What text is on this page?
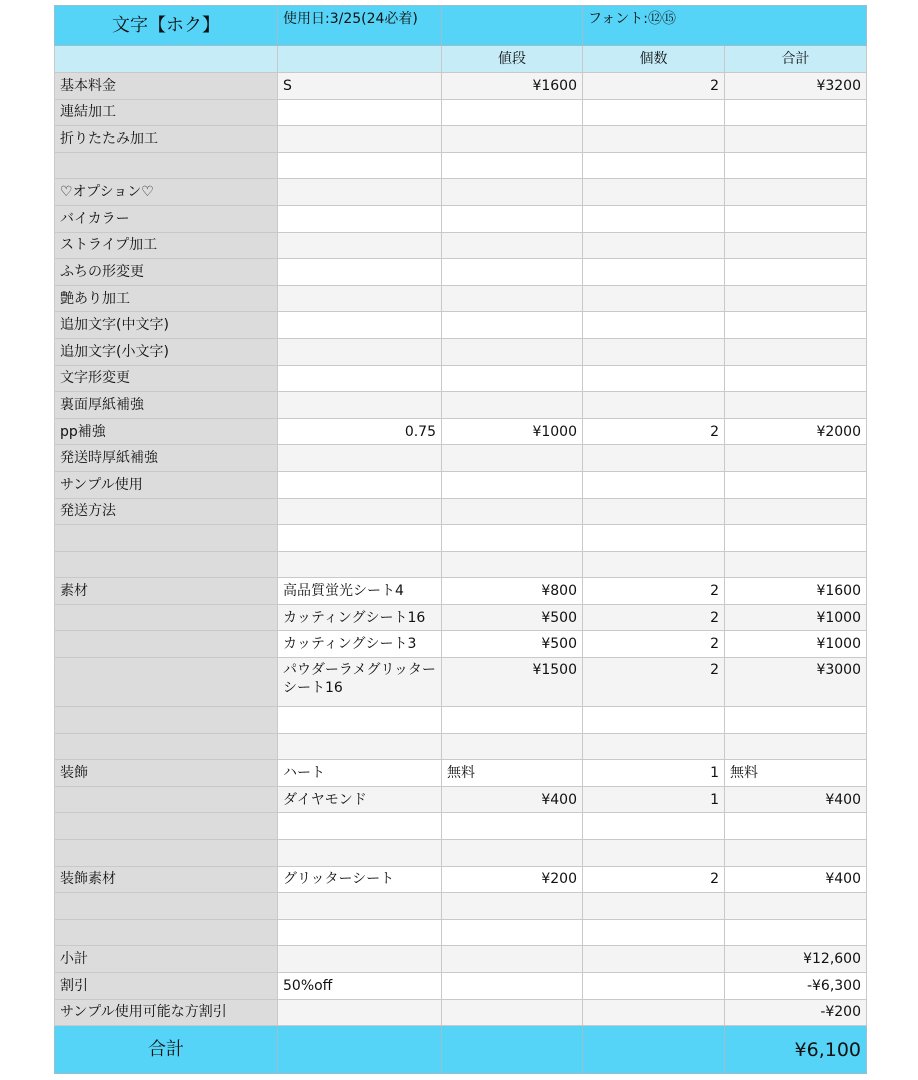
文字【ホク】	使用日:3/25(24必着)		フォント:⑫⑮	
		値段	個数	合計
基本料金	S	¥1600	2	¥3200
連結加工				
折りたたみ加工				

♡オプション♡				
バイカラー				
ストライプ加工				
ふちの形変更				
艶あり加工				
追加文字(中文字)				
追加文字(小文字)				
文字形変更				
裏面厚紙補強				
pp補強	0.75	¥1000	2	¥2000
発送時厚紙補強				
サンプル使用				
発送方法				

素材	高品質蛍光シート4	¥800	2	¥1600
	カッティングシート16	¥500	2	¥1000
	カッティングシート3	¥500	2	¥1000
	パウダーラメグリッターシート16	¥1500	2	¥3000

装飾	ハート	無料	1	無料
	ダイヤモンド	¥400	1	¥400

装飾素材	グリッターシート	¥200	2	¥400

小計				¥12,600
割引	50%off			-¥6,300
サンプル使用可能な方割引				-¥200
合計				¥6,100
